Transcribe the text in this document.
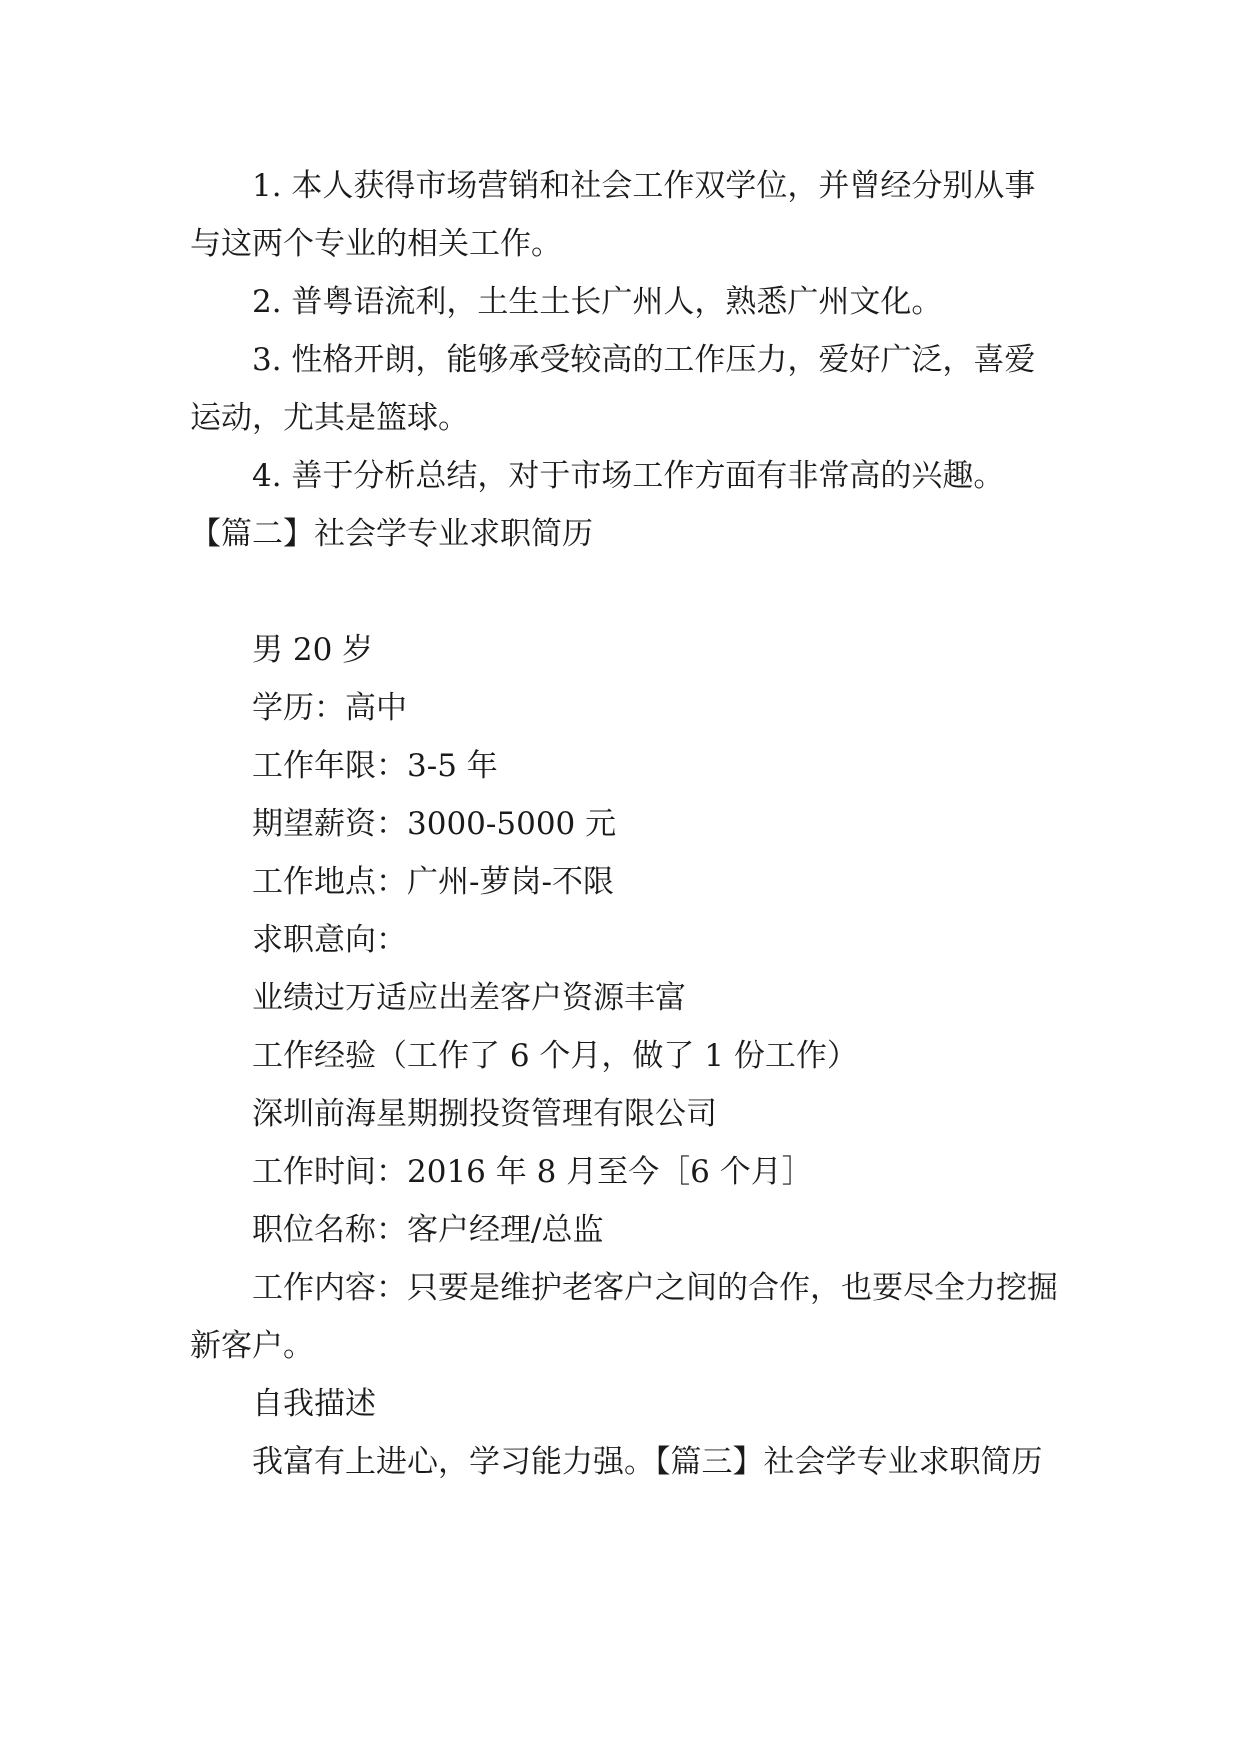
1. 本人获得市场营销和社会工作双学位，并曾经分别从事与这两个专业的相关工作。

2. 普粤语流利，土生土长广州人，熟悉广州文化。

3. 性格开朗，能够承受较高的工作压力，爱好广泛，喜爱运动，尤其是篮球。

4. 善于分析总结，对于市场工作方面有非常高的兴趣。

【篇二】社会学专业求职简历

男 20 岁

学历：高中

工作年限：3-5 年

期望薪资：3000-5000 元

工作地点：广州-萝岗-不限

求职意向：

业绩过万适应出差客户资源丰富

工作经验（工作了 6 个月，做了 1 份工作）

深圳前海星期捌投资管理有限公司

工作时间：2016 年 8 月至今［6 个月］

职位名称：客户经理/总监

工作内容：只要是维护老客户之间的合作，也要尽全力挖掘新客户。

自我描述

我富有上进心，学习能力强。【篇三】社会学专业求职简历
